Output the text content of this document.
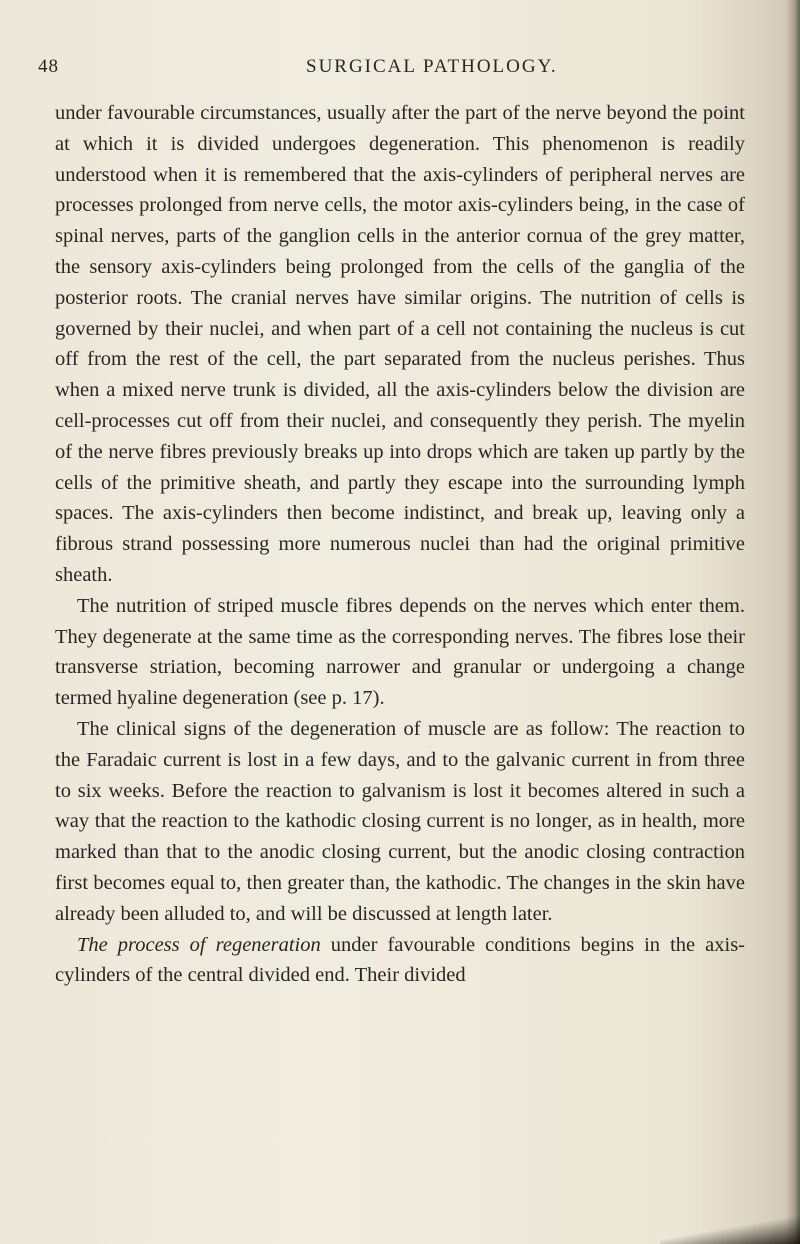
48	SURGICAL PATHOLOGY.

under favourable circumstances, usually after the part of the nerve beyond the point at which it is divided undergoes degeneration. This phenomenon is readily understood when it is remembered that the axis-cylinders of peripheral nerves are processes prolonged from nerve cells, the motor axis-cylinders being, in the case of spinal nerves, parts of the ganglion cells in the anterior cornua of the grey matter, the sensory axis-cylinders being prolonged from the cells of the ganglia of the posterior roots. The cranial nerves have similar origins. The nutrition of cells is governed by their nuclei, and when part of a cell not containing the nucleus is cut off from the rest of the cell, the part separated from the nucleus perishes. Thus when a mixed nerve trunk is divided, all the axis-cylinders below the division are cell-processes cut off from their nuclei, and consequently they perish. The myelin of the nerve fibres previously breaks up into drops which are taken up partly by the cells of the primitive sheath, and partly they escape into the surrounding lymph spaces. The axis-cylinders then become indistinct, and break up, leaving only a fibrous strand possessing more numerous nuclei than had the original primitive sheath.

The nutrition of striped muscle fibres depends on the nerves which enter them. They degenerate at the same time as the corresponding nerves. The fibres lose their transverse striation, becoming narrower and granular or undergoing a change termed hyaline degeneration (see p. 17).

The clinical signs of the degeneration of muscle are as follow: The reaction to the Faradaic current is lost in a few days, and to the galvanic current in from three to six weeks. Before the reaction to galvanism is lost it becomes altered in such a way that the reaction to the kathodic closing current is no longer, as in health, more marked than that to the anodic closing current, but the anodic closing contraction first becomes equal to, then greater than, the kathodic. The changes in the skin have already been alluded to, and will be discussed at length later.

The process of regeneration under favourable conditions begins in the axis-cylinders of the central divided end. Their divided
